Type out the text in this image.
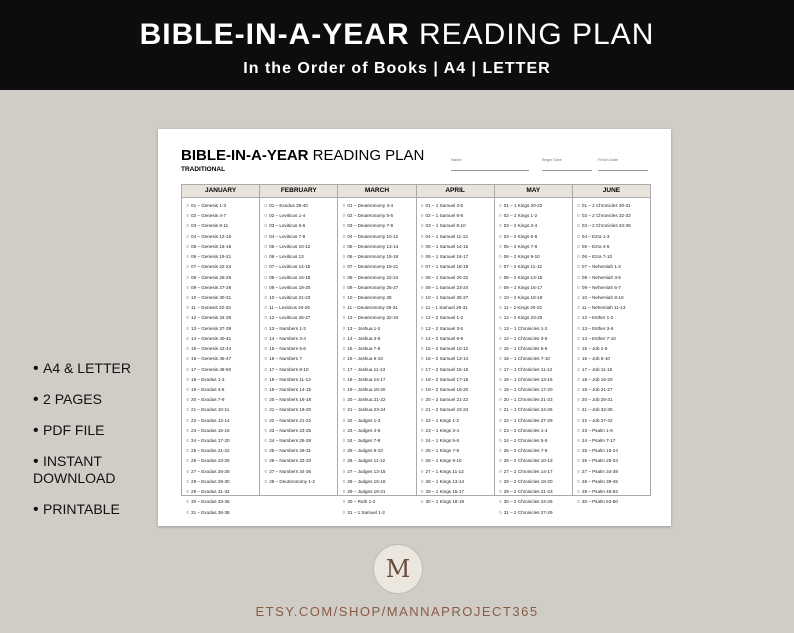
BIBLE-IN-A-YEAR READING PLAN
In the Order of Books | A4 | LETTER
BIBLE-IN-A-YEAR READING PLAN
TRADITIONAL
Name	Begin Date	Finish Date
JANUARY
○ 01 – Genesis 1-3
○ 02 – Genesis 4-7
○ 03 – Genesis 8-11
○ 04 – Genesis 12-15
○ 05 – Genesis 16-18
○ 06 – Genesis 19-21
○ 07 – Genesis 22-24
○ 08 – Genesis 25-26
○ 09 – Genesis 27-29
○ 10 – Genesis 30-31
○ 11 – Genesis 32-33
○ 12 – Genesis 34-36
○ 13 – Genesis 37-39
○ 14 – Genesis 40-41
○ 15 – Genesis 42-44
○ 16 – Genesis 45-47
○ 17 – Genesis 48-50
○ 18 – Exodus 1-3
○ 19 – Exodus 4-6
○ 20 – Exodus 7-9
○ 21 – Exodus 10-11
○ 22 – Exodus 12-14
○ 23 – Exodus 15-16
○ 24 – Exodus 17-20
○ 25 – Exodus 21-22
○ 26 – Exodus 23-25
○ 27 – Exodus 26-28
○ 28 – Exodus 29-30
○ 29 – Exodus 31-32
○ 30 – Exodus 33-35
○ 31 – Exodus 36-38
FEBRUARY
○ 01 – Exodus 39-40
○ 02 – Leviticus 1-4
○ 03 – Leviticus 5-6
○ 04 – Leviticus 7-9
○ 05 – Leviticus 10-12
○ 06 – Leviticus 13
○ 07 – Leviticus 14-15
○ 08 – Leviticus 16-18
○ 09 – Leviticus 19-20
○ 10 – Leviticus 21-23
○ 11 – Leviticus 24-25
○ 12 – Leviticus 26-27
○ 13 – Numbers 1-2
○ 14 – Numbers 3-4
○ 15 – Numbers 5-6
○ 16 – Numbers 7
○ 17 – Numbers 8-10
○ 18 – Numbers 11-13
○ 19 – Numbers 14-15
○ 20 – Numbers 16-18
○ 21 – Numbers 19-20
○ 22 – Numbers 21-22
○ 23 – Numbers 23-25
○ 24 – Numbers 26-28
○ 25 – Numbers 29-31
○ 26 – Numbers 32-33
○ 27 – Numbers 34-36
○ 28 – Deuteronomy 1-2
MARCH
○ 01 – Deuteronomy 3-4
○ 02 – Deuteronomy 5-6
○ 03 – Deuteronomy 7-9
○ 04 – Deuteronomy 10-12
○ 05 – Deuteronomy 13-14
○ 06 – Deuteronomy 15-18
○ 07 – Deuteronomy 19-21
○ 08 – Deuteronomy 22-24
○ 09 – Deuteronomy 25-27
○ 10 – Deuteronomy 28
○ 11 – Deuteronomy 29-31
○ 12 – Deuteronomy 32-34
○ 13 – Joshua 1-2
○ 14 – Joshua 3-6
○ 15 – Joshua 7-8
○ 16 – Joshua 9-10
○ 17 – Joshua 11-13
○ 18 – Joshua 14-17
○ 19 – Joshua 18-20
○ 20 – Joshua 21-22
○ 21 – Joshua 23-24
○ 22 – Judges 1-3
○ 23 – Judges 4-6
○ 24 – Judges 7-8
○ 25 – Judges 9-10
○ 26 – Judges 11-12
○ 27 – Judges 13-15
○ 28 – Judges 16-18
○ 29 – Judges 19-21
○ 30 – Ruth 1-4
○ 31 – 1 Samuel 1-2
APRIL
○ 01 – 1 Samuel 3-5
○ 02 – 1 Samuel 6-8
○ 03 – 1 Samuel 9-10
○ 04 – 1 Samuel 11-13
○ 05 – 1 Samuel 14-15
○ 06 – 1 Samuel 16-17
○ 07 – 1 Samuel 18-19
○ 08 – 1 Samuel 20-22
○ 09 – 1 Samuel 23-24
○ 10 – 1 Samuel 25-27
○ 11 – 1 Samuel 28-31
○ 12 – 2 Samuel 1-2
○ 13 – 2 Samuel 3-5
○ 14 – 2 Samuel 6-9
○ 15 – 2 Samuel 10-12
○ 16 – 2 Samuel 13-14
○ 17 – 2 Samuel 15-16
○ 18 – 2 Samuel 17-18
○ 19 – 2 Samuel 19-20
○ 20 – 2 Samuel 21-22
○ 21 – 2 Samuel 23-24
○ 22 – 1 Kings 1-2
○ 23 – 1 Kings 3-4
○ 24 – 1 Kings 5-6
○ 25 – 1 Kings 7-8
○ 26 – 1 Kings 9-10
○ 27 – 1 Kings 11-12
○ 28 – 1 Kings 13-14
○ 29 – 1 Kings 15-17
○ 30 – 1 Kings 18-19
MAY
○ 01 – 1 Kings 20-22
○ 02 – 2 Kings 1-2
○ 03 – 2 Kings 3-4
○ 04 – 2 Kings 5-6
○ 05 – 2 Kings 7-8
○ 06 – 2 Kings 9-10
○ 07 – 2 Kings 11-12
○ 08 – 2 Kings 13-15
○ 09 – 2 Kings 16-17
○ 10 – 2 Kings 18-19
○ 11 – 2 Kings 20-22
○ 12 – 2 Kings 23-25
○ 13 – 1 Chronicles 1-2
○ 14 – 1 Chronicles 3-5
○ 15 – 1 Chronicles 5-6
○ 16 – 1 Chronicles 7-10
○ 17 – 1 Chronicles 11-12
○ 18 – 1 Chronicles 13-16
○ 19 – 1 Chronicles 17-20
○ 20 – 1 Chronicles 21-23
○ 21 – 1 Chronicles 24-26
○ 22 – 1 Chronicles 27-29
○ 23 – 2 Chronicles 1-4
○ 24 – 2 Chronicles 5-6
○ 25 – 2 Chronicles 7-9
○ 26 – 2 Chronicles 10-13
○ 27 – 2 Chronicles 14-17
○ 28 – 2 Chronicles 18-20
○ 29 – 2 Chronicles 21-23
○ 30 – 2 Chronicles 24-26
○ 31 – 2 Chronicles 27-29
JUNE
○ 01 – 2 Chronicles 30-31
○ 02 – 2 Chronicles 32-33
○ 03 – 2 Chronicles 34-36
○ 04 – Ezra 1-3
○ 05 – Ezra 4-6
○ 06 – Ezra 7-10
○ 07 – Nehemiah 1-2
○ 08 – Nehemiah 3-5
○ 09 – Nehemiah 6-7
○ 10 – Nehemiah 8-10
○ 11 – Nehemiah 11-13
○ 12 – Esther 1-2
○ 13 – Esther 3-6
○ 14 – Esther 7-10
○ 15 – Job 1-5
○ 16 – Job 6-10
○ 17 – Job 11-15
○ 18 – Job 16-20
○ 19 – Job 21-27
○ 20 – Job 28-31
○ 21 – Job 32-36
○ 22 – Job 37-42
○ 23 – Psalm 1-6
○ 24 – Psalm 7-17
○ 25 – Psalm 18-24
○ 26 – Psalm 25-33
○ 27 – Psalm 34-38
○ 28 – Psalm 39-45
○ 29 – Psalm 46-52
○ 30 – Psalm 53-60
• A4 & LETTER
• 2 PAGES
• PDF FILE
• INSTANT
DOWNLOAD
• PRINTABLE
M
ETSY.COM/SHOP/MANNAPROJECT365
